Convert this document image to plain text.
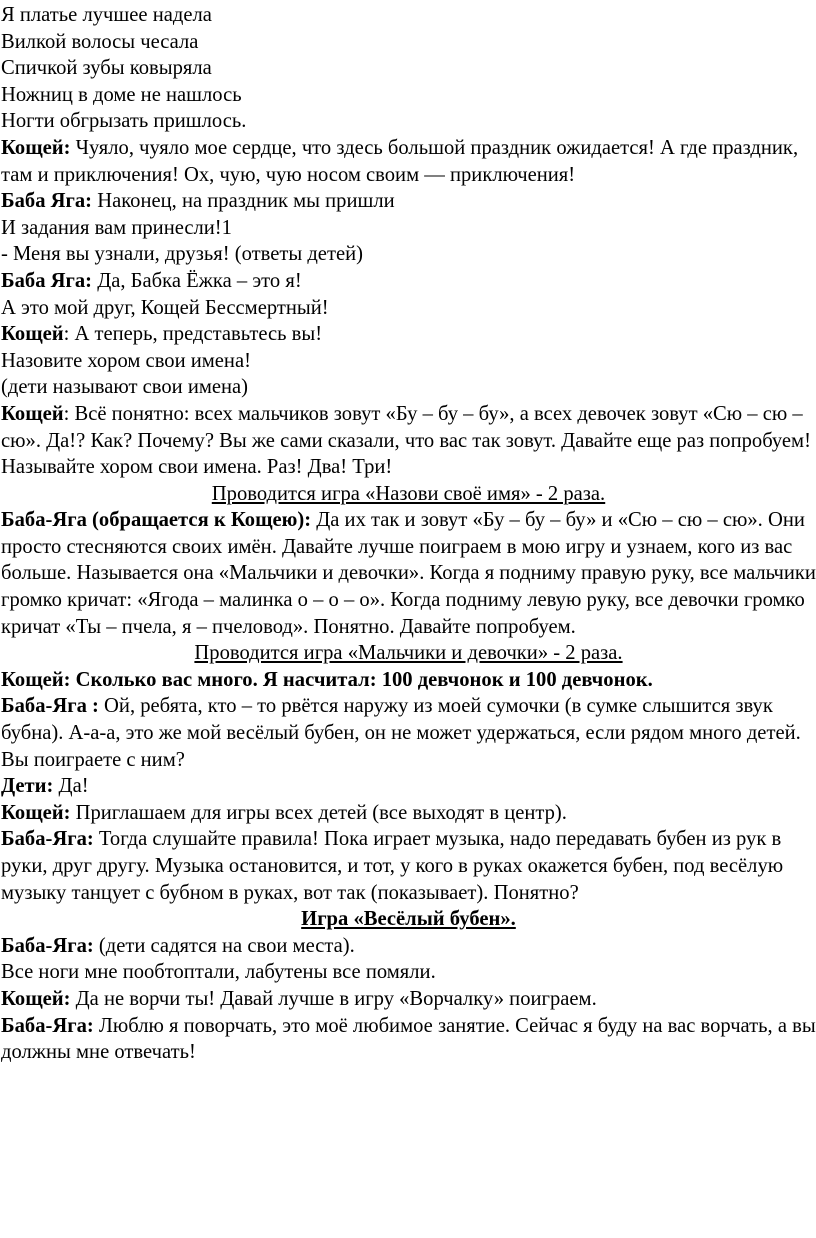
Я платье лучшее надела

Вилкой волосы чесала

Спичкой зубы ковыряла

Ножниц в доме не нашлось

Ногти обгрызать пришлось.

Кощей: Чуяло, чуяло мое сердце, что здесь большой праздник ожидается! А где праздник, там и приключения! Ох, чую, чую носом своим — приключения!

Баба Яга: Наконец, на праздник мы пришли

И задания вам принесли!1

- Меня вы узнали, друзья! (ответы детей)

Баба Яга: Да, Бабка Ёжка – это я!

А это мой друг, Кощей Бессмертный!

Кощей: А теперь, представьтесь вы!

Назовите хором свои имена!

(дети называют свои имена)

Кощей: Всё понятно: всех мальчиков зовут «Бу – бу – бу», а всех девочек зовут «Сю – сю – сю». Да!? Как? Почему? Вы же сами сказали, что вас так зовут. Давайте еще раз попробуем! Называйте хором свои имена. Раз! Два! Три!

Проводится игра «Назови своё имя» - 2 раза.

Баба-Яга (обращается к Кощею): Да их так и зовут «Бу – бу – бу» и «Сю – сю – сю». Они просто стесняются своих имён. Давайте лучше поиграем в мою игру и узнаем, кого из вас больше. Называется она «Мальчики и девочки». Когда я подниму правую руку, все мальчики громко кричат: «Ягода – малинка о – о – о». Когда подниму левую руку, все девочки громко кричат «Ты – пчела, я – пчеловод». Понятно. Давайте попробуем.

Проводится игра «Мальчики и девочки» - 2 раза.

Кощей: Сколько вас много. Я насчитал: 100 девчонок и 100 девчонок.

Баба-Яга : Ой, ребята, кто – то рвётся наружу из моей сумочки (в сумке слышится звук бубна). А-а-а, это же мой весёлый бубен, он не может удержаться, если рядом много детей. Вы поиграете с ним?

Дети: Да!

Кощей: Приглашаем для игры всех детей (все выходят в центр).

Баба-Яга: Тогда слушайте правила! Пока играет музыка, надо передавать бубен из рук в руки, друг другу. Музыка остановится, и тот, у кого в руках окажется бубен, под весёлую музыку танцует с бубном в руках, вот так (показывает). Понятно?

Игра «Весёлый бубен».

Баба-Яга: (дети садятся на свои места).

Все ноги мне пообтоптали, лабутены все помяли.

Кощей: Да не ворчи ты! Давай лучше в игру «Ворчалку» поиграем.

Баба-Яга: Люблю я поворчать, это моё любимое занятие. Сейчас я буду на вас ворчать, а вы должны мне отвечать!
